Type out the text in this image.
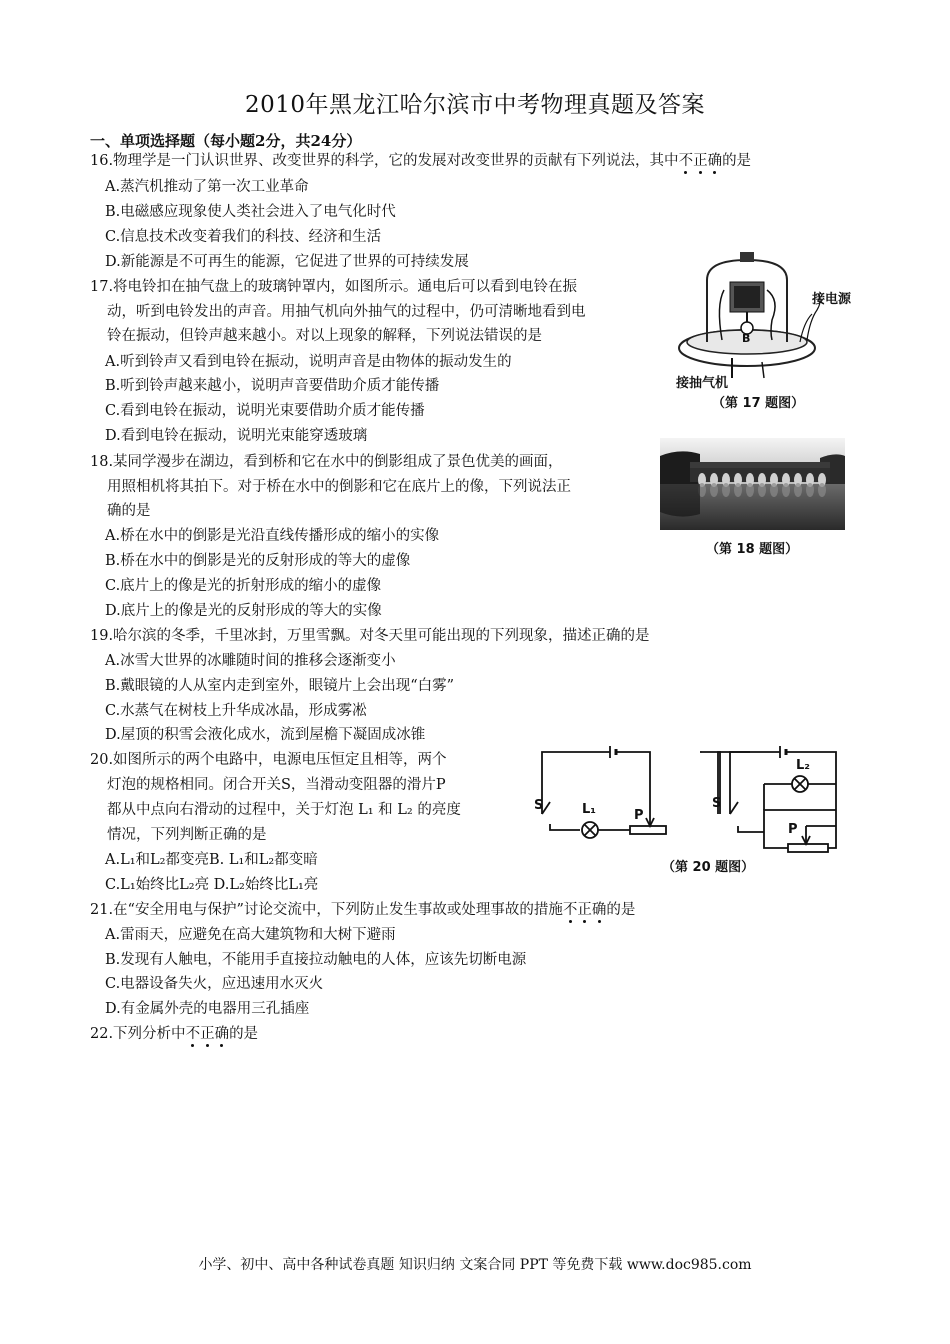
2010年黑龙江哈尔滨市中考物理真题及答案
一、单项选择题（每小题2分，共24分）
16.物理学是一门认识世界、改变世界的科学，它的发展对改变世界的贡献有下列说法，其中不正确的是
A.蒸汽机推动了第一次工业革命
B.电磁感应现象使人类社会进入了电气化时代
C.信息技术改变着我们的科技、经济和生活
D.新能源是不可再生的能源，它促进了世界的可持续发展
17.将电铃扣在抽气盘上的玻璃钟罩内，如图所示。通电后可以看到电铃在振
动，听到电铃发出的声音。用抽气机向外抽气的过程中，仍可清晰地看到电
铃在振动，但铃声越来越小。对以上现象的解释，下列说法错误的是
A.听到铃声又看到电铃在振动，说明声音是由物体的振动发生的
B.听到铃声越来越小，说明声音要借助介质才能传播
C.看到电铃在振动，说明光束要借助介质才能传播
D.看到电铃在振动，说明光束能穿透玻璃
B
接电源
接抽气机
（第 17 题图）
18.某同学漫步在湖边，看到桥和它在水中的倒影组成了景色优美的画面，
用照相机将其拍下。对于桥在水中的倒影和它在底片上的像，下列说法正
确的是
A.桥在水中的倒影是光沿直线传播形成的缩小的实像
B.桥在水中的倒影是光的反射形成的等大的虚像
C.底片上的像是光的折射形成的缩小的虚像
D.底片上的像是光的反射形成的等大的实像
（第 18 题图）
19.哈尔滨的冬季，千里冰封，万里雪飘。对冬天里可能出现的下列现象，描述正确的是
A.冰雪大世界的冰雕随时间的推移会逐渐变小
B.戴眼镜的人从室内走到室外，眼镜片上会出现“白雾”
C.水蒸气在树枝上升华成冰晶，形成雾凇
D.屋顶的积雪会液化成水，流到屋檐下凝固成冰锥
20.如图所示的两个电路中，电源电压恒定且相等，两个
灯泡的规格相同。闭合开关S，当滑动变阻器的滑片P
都从中点向右滑动的过程中，关于灯泡 L₁ 和 L₂ 的亮度
情况，下列判断正确的是
A.L₁和L₂都变亮B. L₁和L₂都变暗
C.L₁始终比L₂亮 D.L₂始终比L₁亮
S	L₁	P
S
L₂
P
（第 20 题图）
21.在“安全用电与保护”讨论交流中，下列防止发生事故或处理事故的措施不正确的是
A.雷雨天，应避免在高大建筑物和大树下避雨
B.发现有人触电，不能用手直接拉动触电的人体，应该先切断电源
C.电器设备失火，应迅速用水灭火
D.有金属外壳的电器用三孔插座
22.下列分析中不正确的是
小学、初中、高中各种试卷真题 知识归纳 文案合同 PPT 等免费下载 www.doc985.com
